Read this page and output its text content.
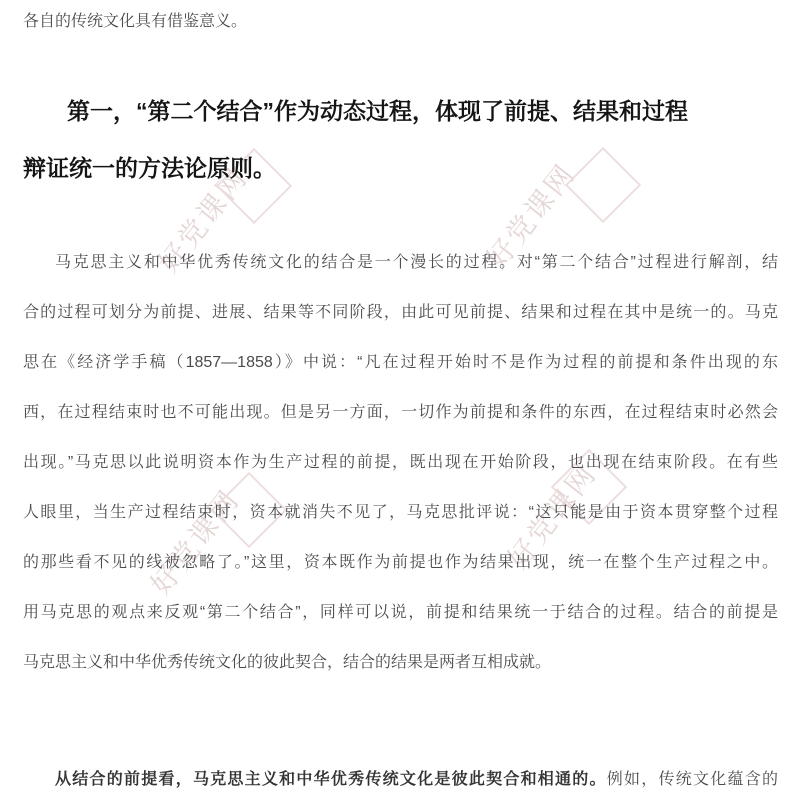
好党课网	好党课网
好党课网	好党课网
各自的传统文化具有借鉴意义。
第一，“第二个结合”作为动态过程，体现了前提、结果和过程
辩证统一的方法论原则。
马克思主义和中华优秀传统文化的结合是一个漫长的过程。对“第二个结合”过程进行解剖，结
合的过程可划分为前提、进展、结果等不同阶段，由此可见前提、结果和过程在其中是统一的。马克
思在《经济学手稿（1857—1858）》中说：“凡在过程开始时不是作为过程的前提和条件出现的东
西，在过程结束时也不可能出现。但是另一方面，一切作为前提和条件的东西，在过程结束时必然会
出现。”马克思以此说明资本作为生产过程的前提，既出现在开始阶段，也出现在结束阶段。在有些
人眼里，当生产过程结束时，资本就消失不见了，马克思批评说：“这只能是由于资本贯穿整个过程
的那些看不见的线被忽略了。”这里，资本既作为前提也作为结果出现，统一在整个生产过程之中。
用马克思的观点来反观“第二个结合”，同样可以说，前提和结果统一于结合的过程。结合的前提是
马克思主义和中华优秀传统文化的彼此契合，结合的结果是两者互相成就。
从结合的前提看，马克思主义和中华优秀传统文化是彼此契合和相通的。例如，传统文化蕴含的
